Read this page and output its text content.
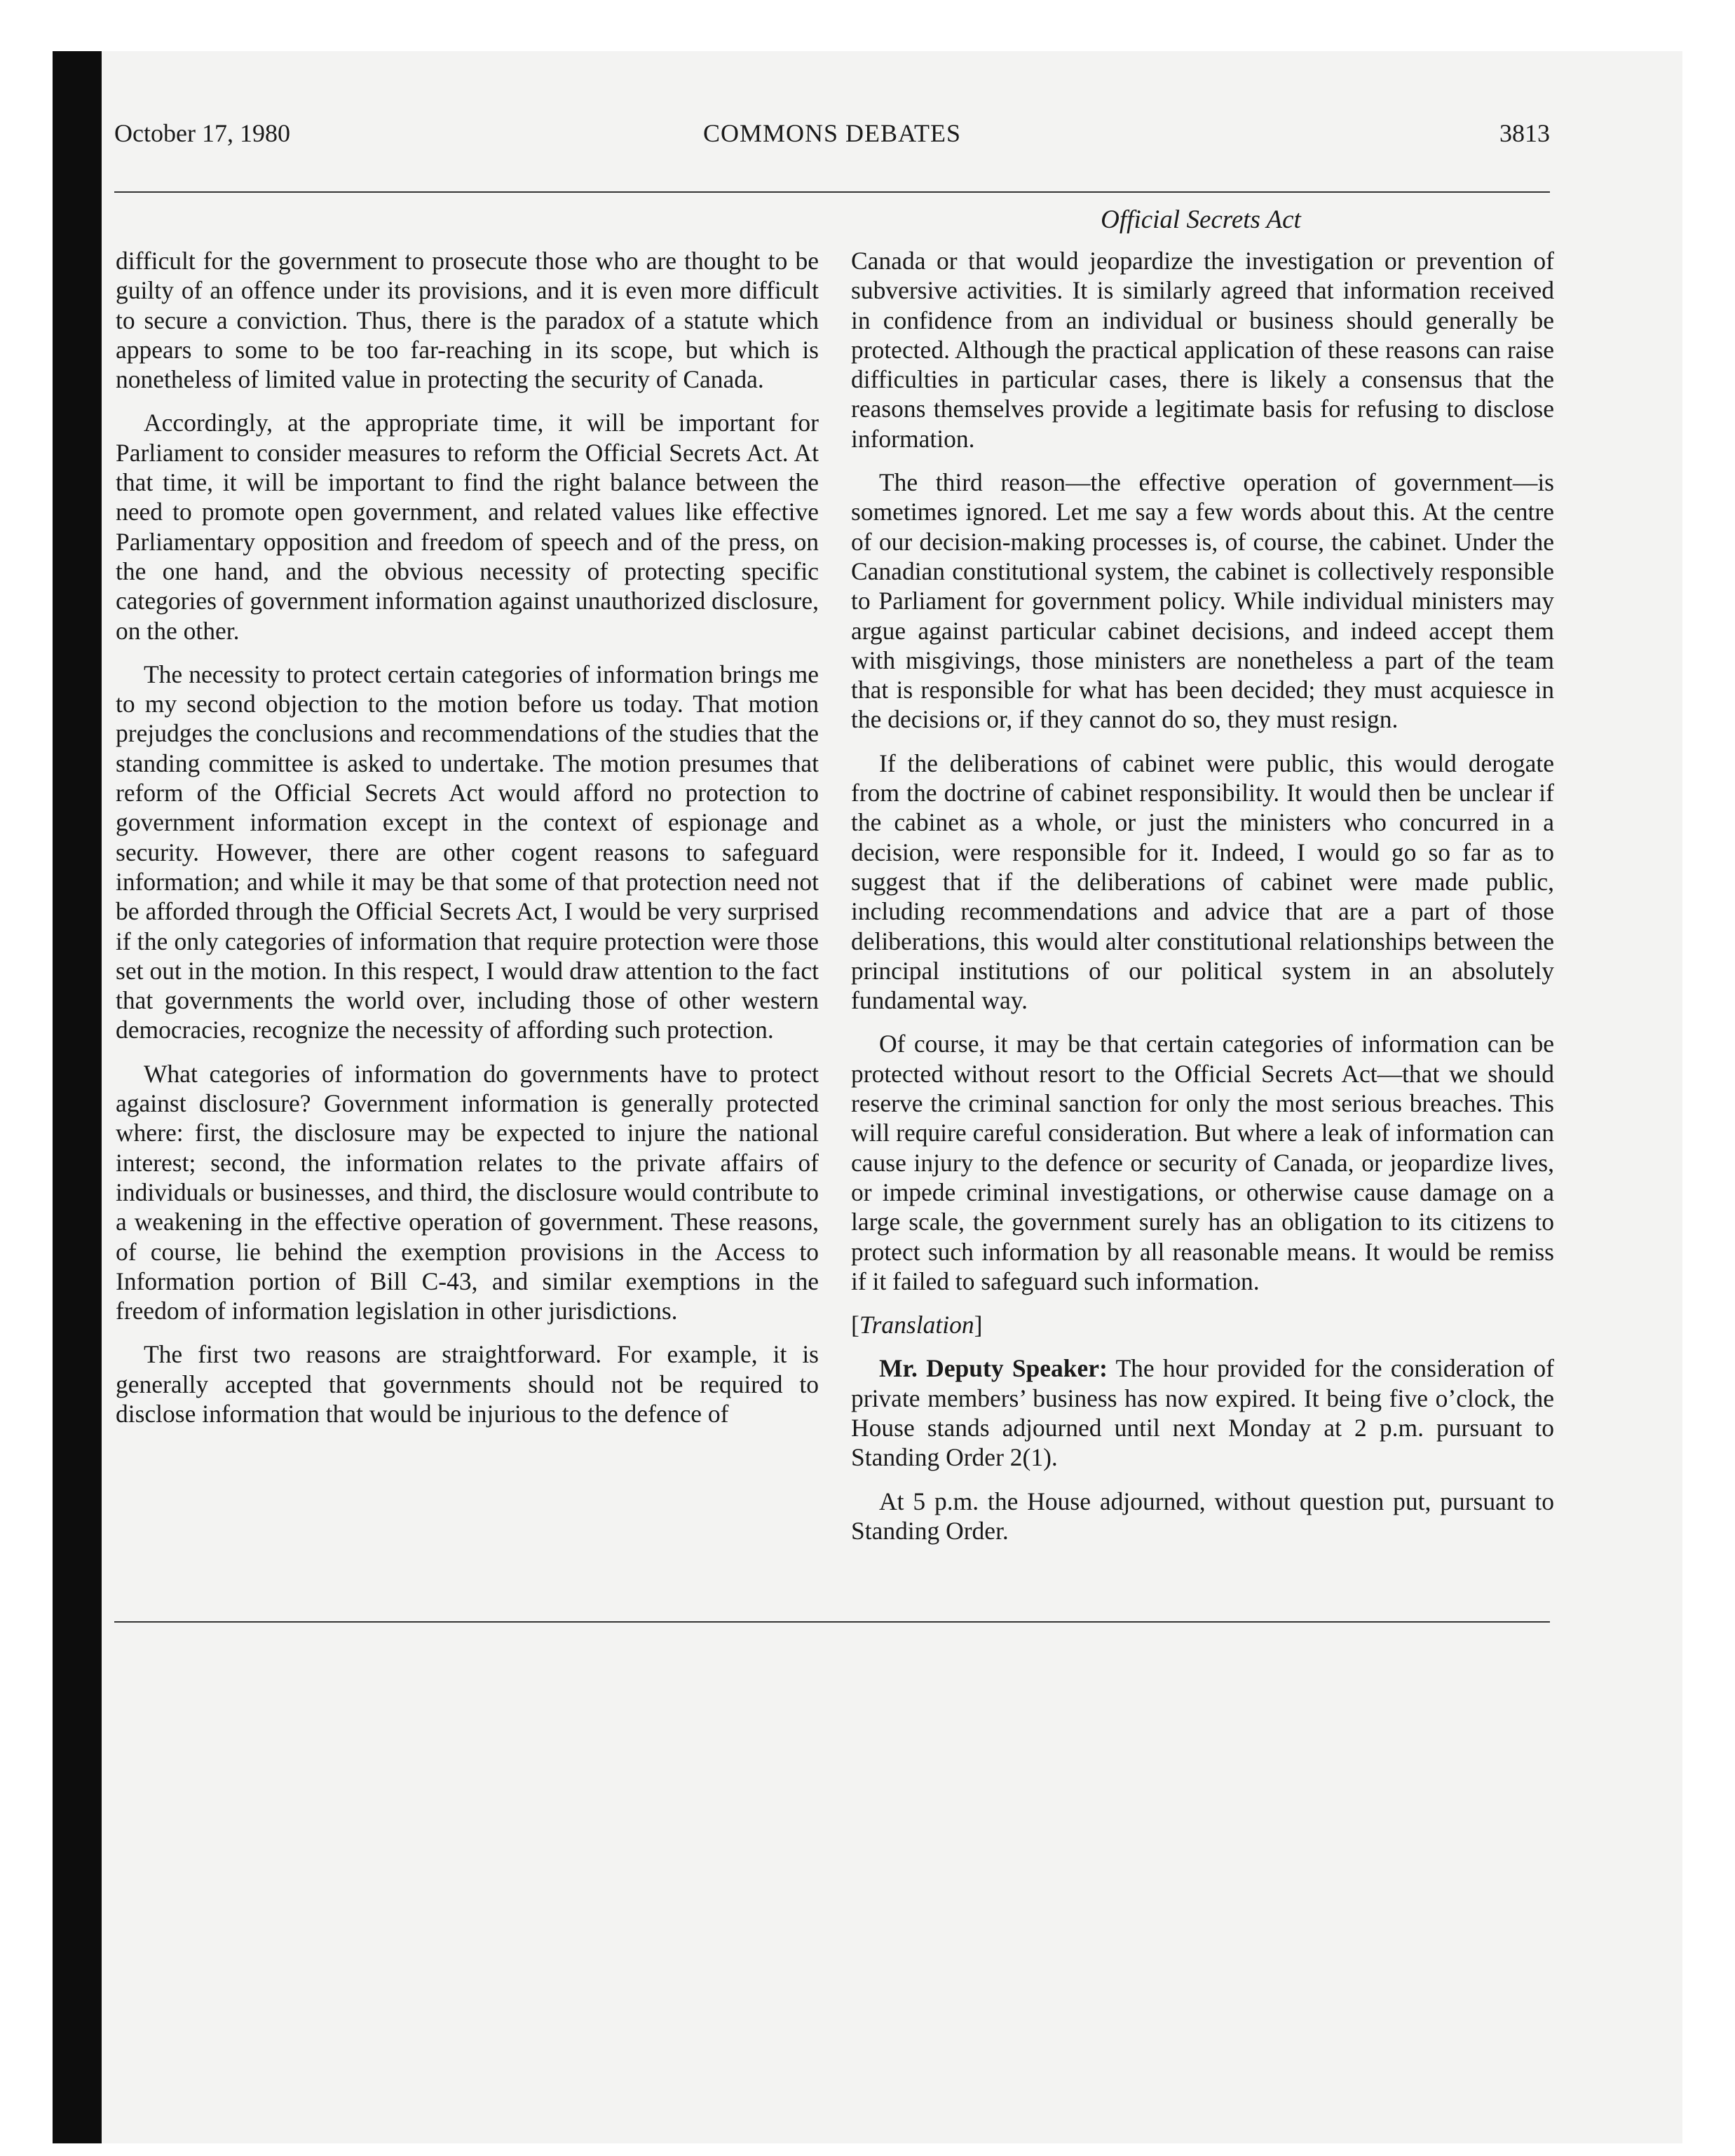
October 17, 1980	COMMONS DEBATES	3813
Official Secrets Act

difficult for the government to prosecute those who are thought to be guilty of an offence under its provisions, and it is even more difficult to secure a conviction. Thus, there is the paradox of a statute which appears to some to be too far-reaching in its scope, but which is nonetheless of limited value in protecting the security of Canada.

Accordingly, at the appropriate time, it will be important for Parliament to consider measures to reform the Official Secrets Act. At that time, it will be important to find the right balance between the need to promote open government, and related values like effective Parliamentary opposition and freedom of speech and of the press, on the one hand, and the obvious necessity of protecting specific categories of government information against unauthorized disclosure, on the other.

The necessity to protect certain categories of information brings me to my second objection to the motion before us today. That motion prejudges the conclusions and recommendations of the studies that the standing committee is asked to undertake. The motion presumes that reform of the Official Secrets Act would afford no protection to government information except in the context of espionage and security. However, there are other cogent reasons to safeguard information; and while it may be that some of that protection need not be afforded through the Official Secrets Act, I would be very surprised if the only categories of information that require protection were those set out in the motion. In this respect, I would draw attention to the fact that governments the world over, including those of other western democracies, recognize the necessity of affording such protection.

What categories of information do governments have to protect against disclosure? Government information is generally protected where: first, the disclosure may be expected to injure the national interest; second, the information relates to the private affairs of individuals or businesses, and third, the disclosure would contribute to a weakening in the effective operation of government. These reasons, of course, lie behind the exemption provisions in the Access to Information portion of Bill C-43, and similar exemptions in the freedom of information legislation in other jurisdictions.

The first two reasons are straightforward. For example, it is generally accepted that governments should not be required to disclose information that would be injurious to the defence of

Canada or that would jeopardize the investigation or prevention of subversive activities. It is similarly agreed that information received in confidence from an individual or business should generally be protected. Although the practical application of these reasons can raise difficulties in particular cases, there is likely a consensus that the reasons themselves provide a legitimate basis for refusing to disclose information.

The third reason—the effective operation of government—is sometimes ignored. Let me say a few words about this. At the centre of our decision-making processes is, of course, the cabinet. Under the Canadian constitutional system, the cabinet is collectively responsible to Parliament for government policy. While individual ministers may argue against particular cabinet decisions, and indeed accept them with misgivings, those ministers are nonetheless a part of the team that is responsible for what has been decided; they must acquiesce in the decisions or, if they cannot do so, they must resign.

If the deliberations of cabinet were public, this would derogate from the doctrine of cabinet responsibility. It would then be unclear if the cabinet as a whole, or just the ministers who concurred in a decision, were responsible for it. Indeed, I would go so far as to suggest that if the deliberations of cabinet were made public, including recommendations and advice that are a part of those deliberations, this would alter constitutional relationships between the principal institutions of our political system in an absolutely fundamental way.

Of course, it may be that certain categories of information can be protected without resort to the Official Secrets Act—that we should reserve the criminal sanction for only the most serious breaches. This will require careful consideration. But where a leak of information can cause injury to the defence or security of Canada, or jeopardize lives, or impede criminal investigations, or otherwise cause damage on a large scale, the government surely has an obligation to its citizens to protect such information by all reasonable means. It would be remiss if it failed to safeguard such information.

[Translation]

Mr. Deputy Speaker: The hour provided for the consideration of private members’ business has now expired. It being five o’clock, the House stands adjourned until next Monday at 2 p.m. pursuant to Standing Order 2(1).

At 5 p.m. the House adjourned, without question put, pursuant to Standing Order.
